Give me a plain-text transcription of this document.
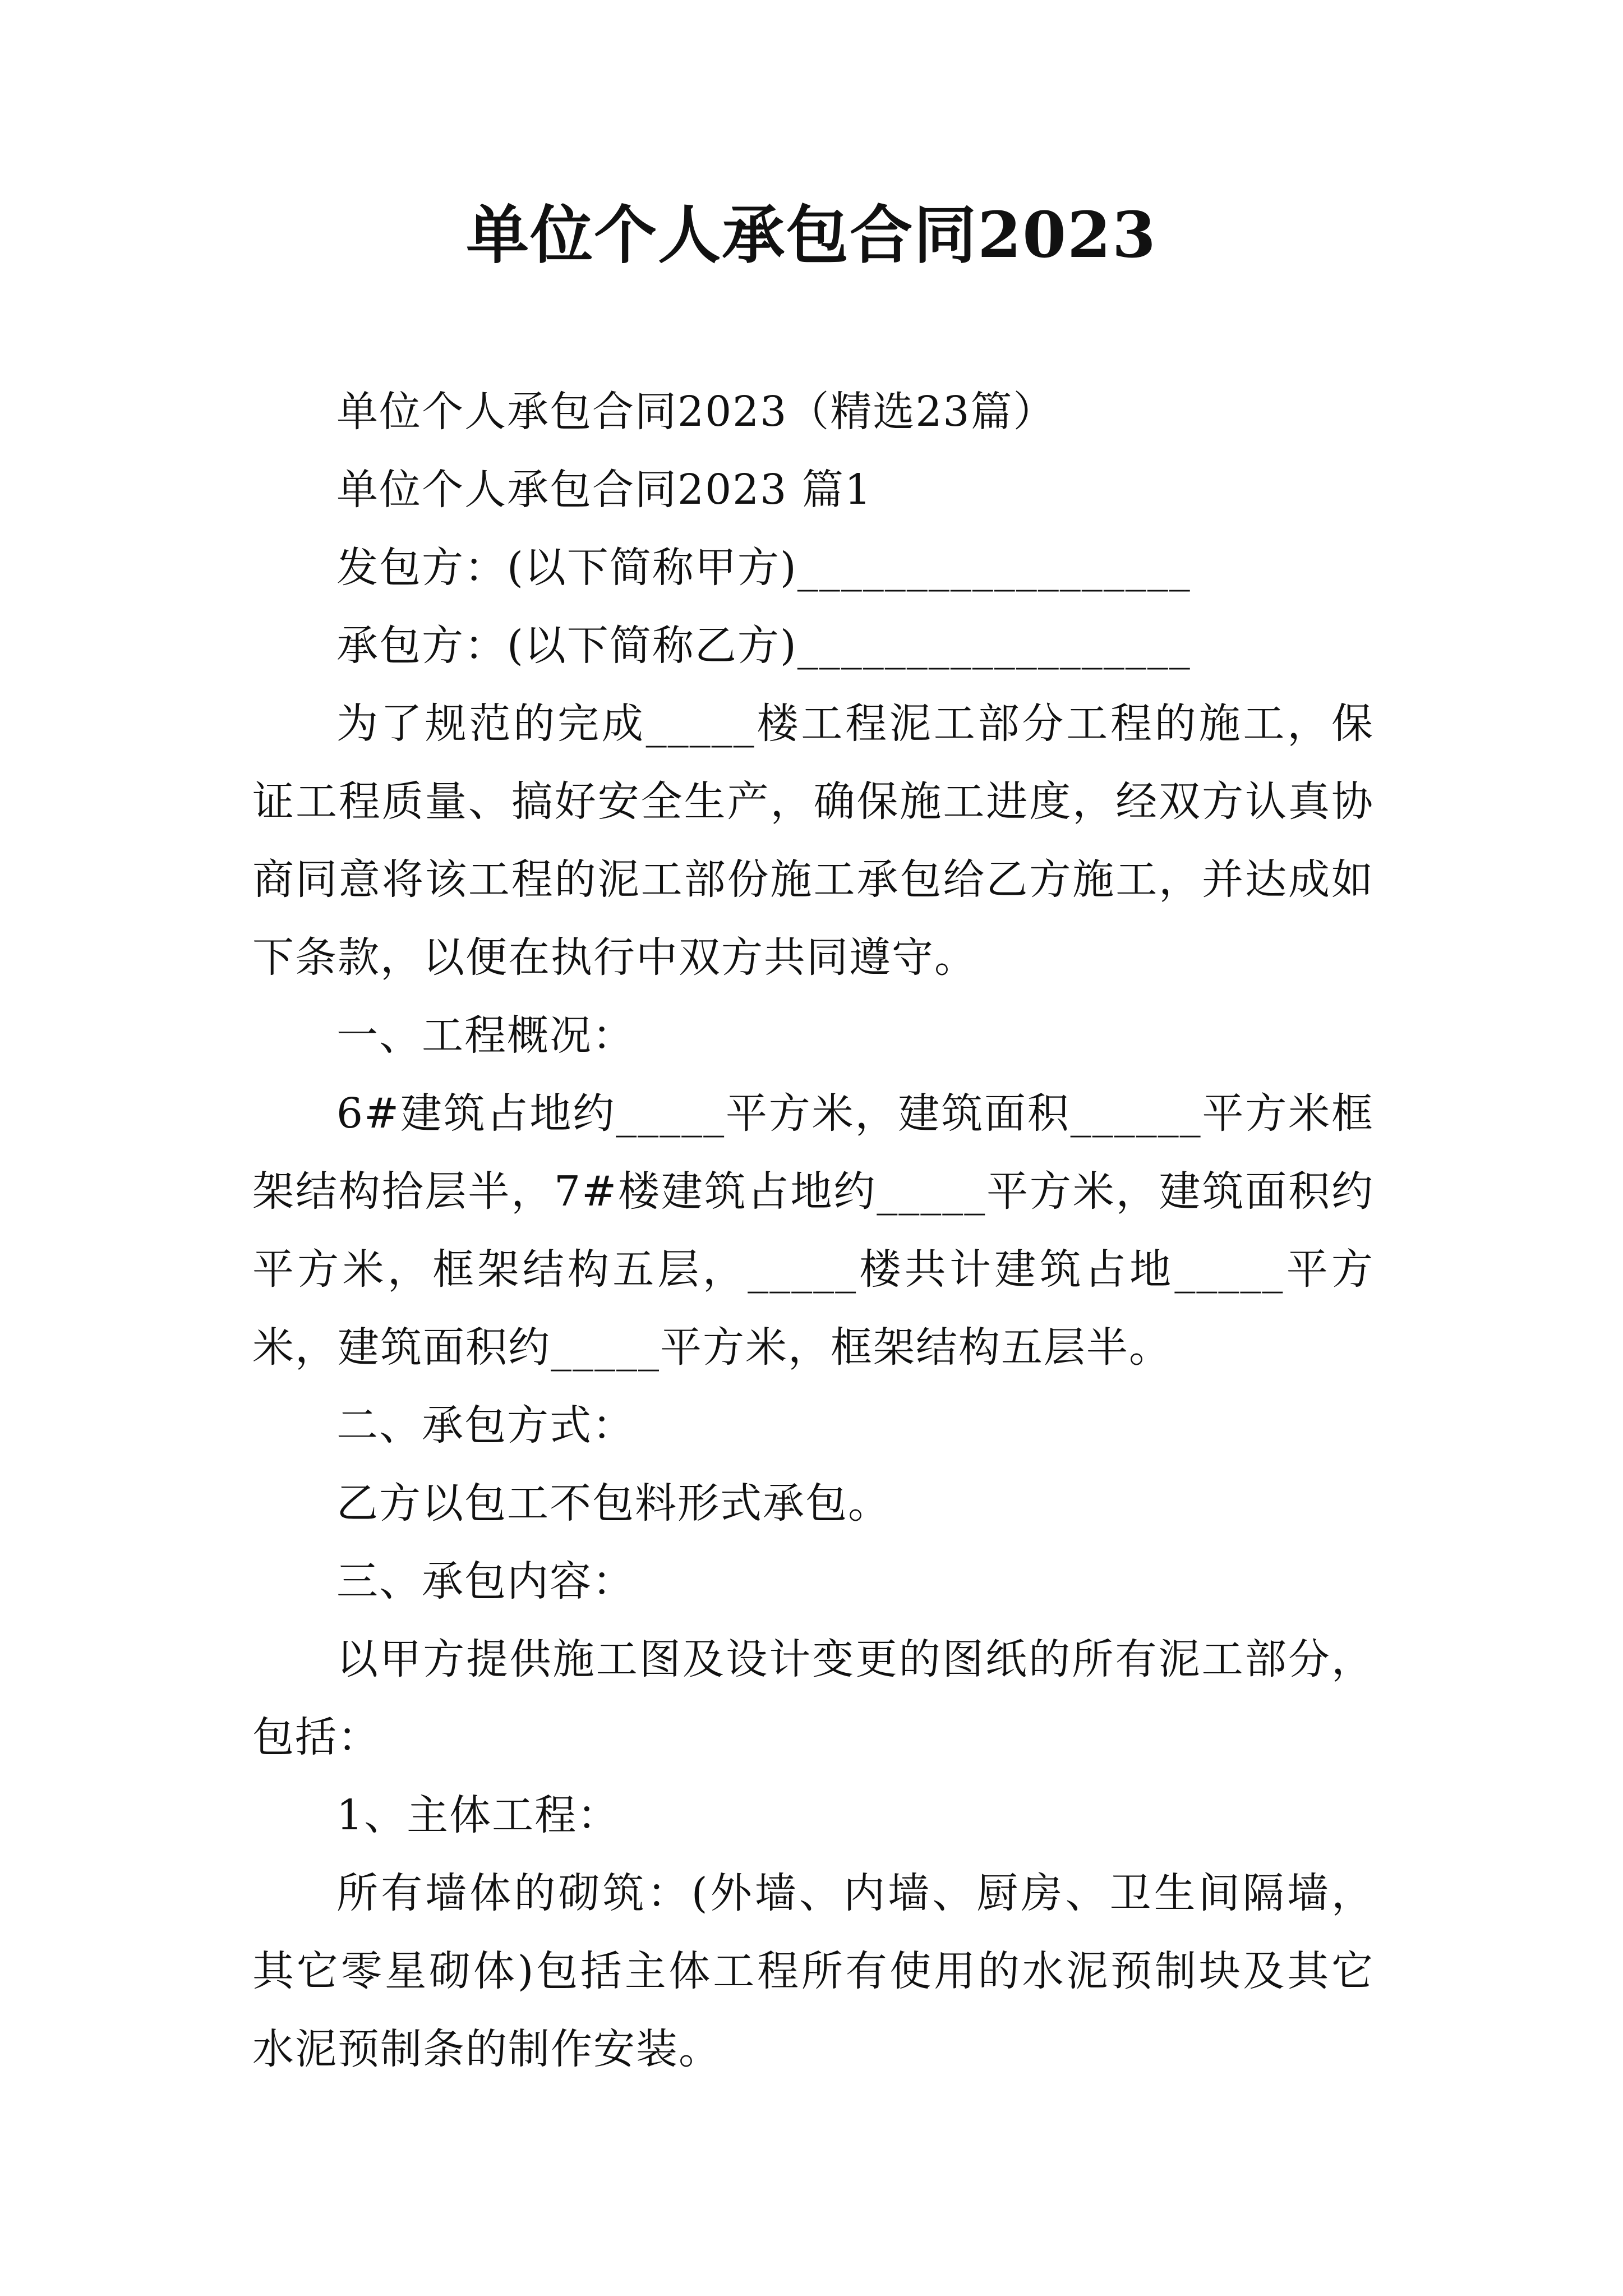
单位个人承包合同2023

单位个人承包合同2023（精选23篇）

单位个人承包合同2023 篇1

发包方：(以下简称甲方)__________________

承包方：(以下简称乙方)__________________

为了规范的完成_____楼工程泥工部分工程的施工，保证工程质量、搞好安全生产，确保施工进度，经双方认真协商同意将该工程的泥工部份施工承包给乙方施工，并达成如下条款，以便在执行中双方共同遵守。

一、工程概况：

6#建筑占地约_____平方米，建筑面积______平方米框架结构拾层半，7#楼建筑占地约_____平方米，建筑面积约平方米，框架结构五层，_____楼共计建筑占地_____平方米，建筑面积约_____平方米，框架结构五层半。

二、承包方式：

乙方以包工不包料形式承包。

三、承包内容：

以甲方提供施工图及设计变更的图纸的所有泥工部分，包括：

1、主体工程：

所有墙体的砌筑：(外墙、内墙、厨房、卫生间隔墙，其它零星砌体)包括主体工程所有使用的水泥预制块及其它水泥预制条的制作安装。
